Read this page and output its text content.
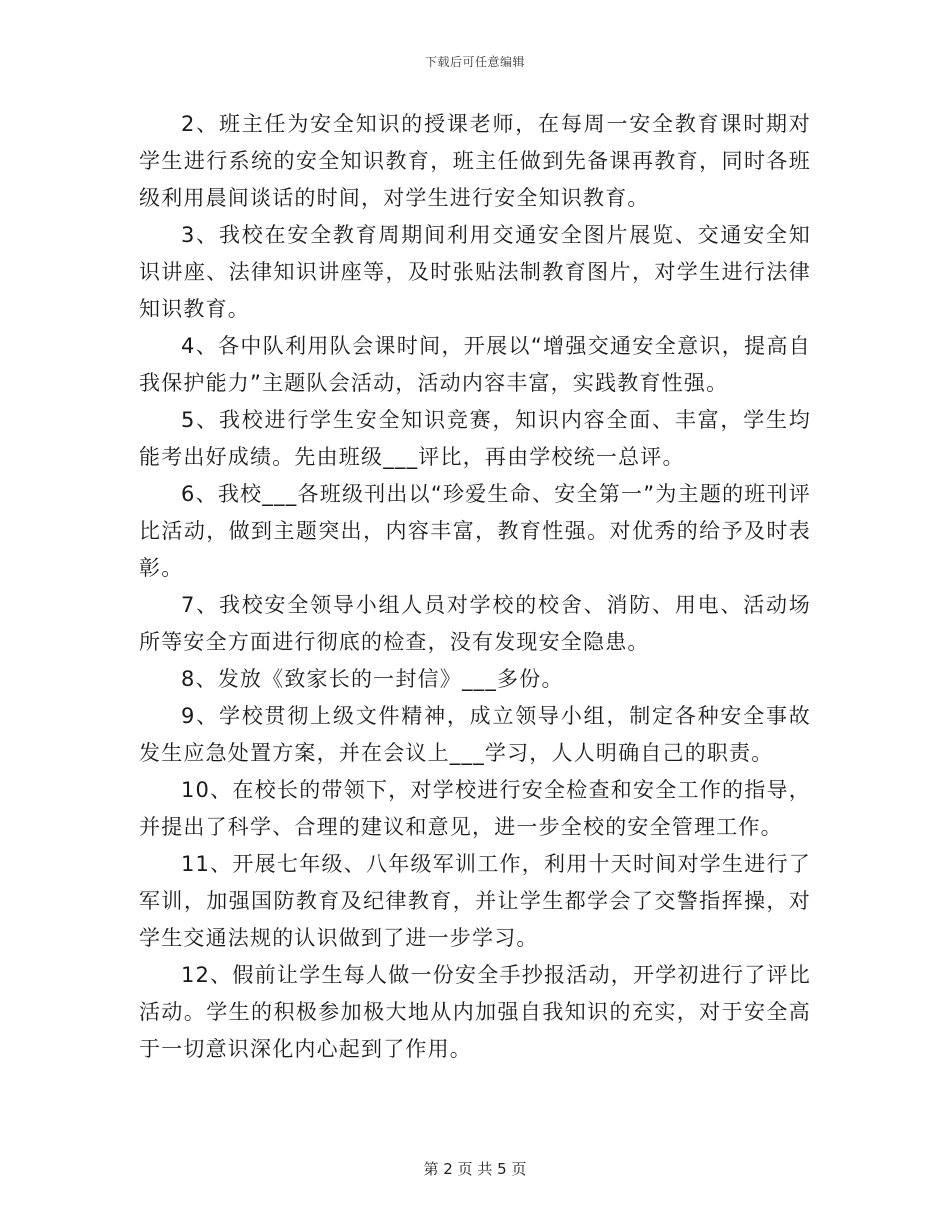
下载后可任意编辑

2、班主任为安全知识的授课老师，在每周一安全教育课时期对学生进行系统的安全知识教育，班主任做到先备课再教育，同时各班级利用晨间谈话的时间，对学生进行安全知识教育。

3、我校在安全教育周期间利用交通安全图片展览、交通安全知识讲座、法律知识讲座等，及时张贴法制教育图片，对学生进行法律知识教育。

4、各中队利用队会课时间，开展以“增强交通安全意识，提高自我保护能力”主题队会活动，活动内容丰富，实践教育性强。

5、我校进行学生安全知识竞赛，知识内容全面、丰富，学生均能考出好成绩。先由班级___评比，再由学校统一总评。

6、我校___各班级刊出以“珍爱生命、安全第一”为主题的班刊评比活动，做到主题突出，内容丰富，教育性强。对优秀的给予及时表彰。

7、我校安全领导小组人员对学校的校舍、消防、用电、活动场所等安全方面进行彻底的检查，没有发现安全隐患。

8、发放《致家长的一封信》___多份。

9、学校贯彻上级文件精神，成立领导小组，制定各种安全事故发生应急处置方案，并在会议上___学习，人人明确自己的职责。

10、在校长的带领下，对学校进行安全检查和安全工作的指导，并提出了科学、合理的建议和意见，进一步全校的安全管理工作。

11、开展七年级、八年级军训工作，利用十天时间对学生进行了军训，加强国防教育及纪律教育，并让学生都学会了交警指挥操，对学生交通法规的认识做到了进一步学习。

12、假前让学生每人做一份安全手抄报活动，开学初进行了评比活动。学生的积极参加极大地从内加强自我知识的充实，对于安全高于一切意识深化内心起到了作用。

第 2 页 共 5 页
